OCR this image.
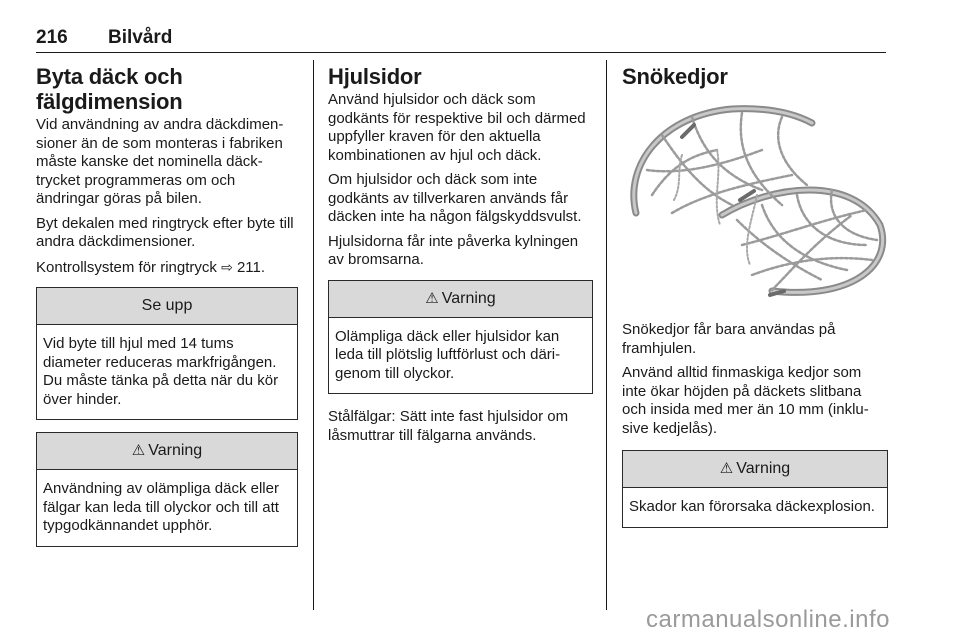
216 Bilvård
Byta däck och fälgdimension

Vid användning av andra däckdimensioner än de som monteras i fabriken måste kanske det nominella däcktrycket programmeras om och ändringar göras på bilen.

Byt dekalen med ringtryck efter byte till andra däckdimensioner.

Kontrollsystem för ringtryck ⇨ 211.

Se upp
Vid byte till hjul med 14 tums diameter reduceras markfrigången. Du måste tänka på detta när du kör över hinder.
⚠ Varning
Användning av olämpliga däck eller fälgar kan leda till olyckor och till att typgodkännandet upphör.
Hjulsidor

Använd hjulsidor och däck som godkänts för respektive bil och därmed uppfyller kraven för den aktuella kombinationen av hjul och däck.

Om hjulsidor och däck som inte godkänts av tillverkaren används får däcken inte ha någon fälgskyddsvulst.

Hjulsidorna får inte påverka kylningen av bromsarna.

⚠ Varning
Olämpliga däck eller hjulsidor kan leda till plötslig luftförlust och därigenom till olyckor.

Stålfälgar: Sätt inte fast hjulsidor om låsmuttrar till fälgarna används.

Snökedjor

Snökedjor får bara användas på framhjulen.

Använd alltid finmaskiga kedjor som inte ökar höjden på däckets slitbana och insida med mer än 10 mm (inklusive kedjelås).

⚠ Varning
Skador kan förorsaka däckexplosion.
carmanualsonline.info
